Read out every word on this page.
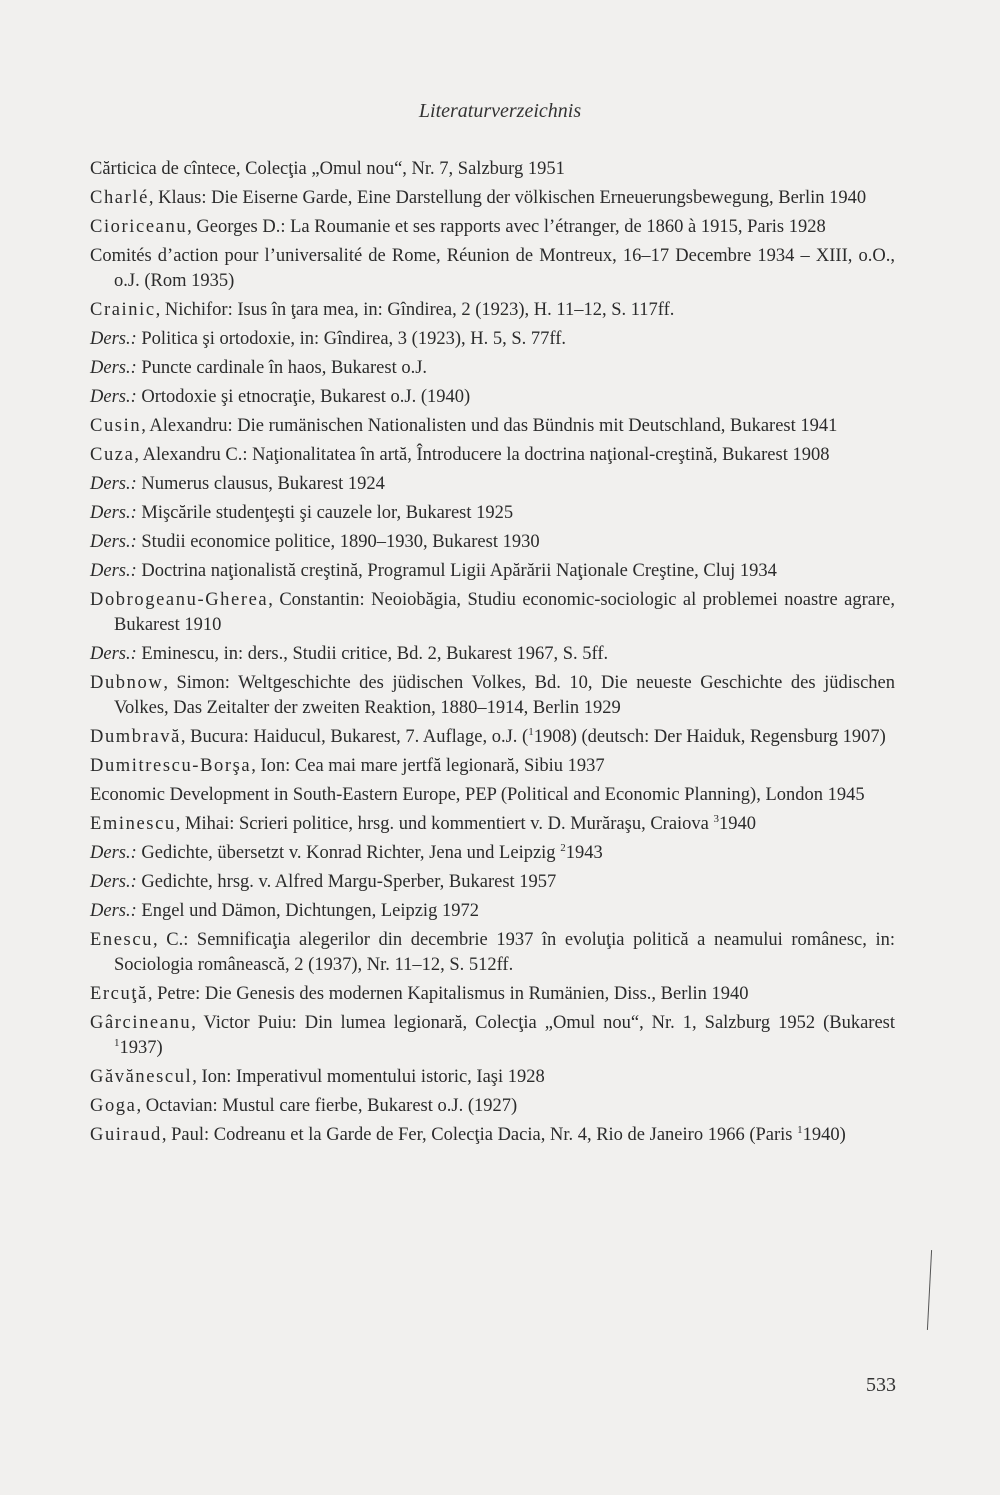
Literaturverzeichnis
Cărticica de cîntece, Colecţia „Omul nou“, Nr. 7, Salzburg 1951
Charlé, Klaus: Die Eiserne Garde, Eine Darstellung der völkischen Erneuerungsbewegung, Berlin 1940
Cioriceanu, Georges D.: La Roumanie et ses rapports avec l’étranger, de 1860 à 1915, Paris 1928
Comités d’action pour l’universalité de Rome, Réunion de Montreux, 16–17 Decembre 1934 – XIII, o.O., o.J. (Rom 1935)
Crainic, Nichifor: Isus în ţara mea, in: Gîndirea, 2 (1923), H. 11–12, S. 117ff.
Ders.: Politica şi ortodoxie, in: Gîndirea, 3 (1923), H. 5, S. 77ff.
Ders.: Puncte cardinale în haos, Bukarest o.J.
Ders.: Ortodoxie şi etnocraţie, Bukarest o.J. (1940)
Cusin, Alexandru: Die rumänischen Nationalisten und das Bündnis mit Deutschland, Bukarest 1941
Cuza, Alexandru C.: Naţionalitatea în artă, Întroducere la doctrina naţional-creştină, Bukarest 1908
Ders.: Numerus clausus, Bukarest 1924
Ders.: Mişcările studenţeşti şi cauzele lor, Bukarest 1925
Ders.: Studii economice politice, 1890–1930, Bukarest 1930
Ders.: Doctrina naţionalistă creştină, Programul Ligii Apărării Naţionale Creştine, Cluj 1934
Dobrogeanu-Gherea, Constantin: Neoiobăgia, Studiu economic-sociologic al problemei noastre agrare, Bukarest 1910
Ders.: Eminescu, in: ders., Studii critice, Bd. 2, Bukarest 1967, S. 5ff.
Dubnow, Simon: Weltgeschichte des jüdischen Volkes, Bd. 10, Die neueste Geschichte des jüdischen Volkes, Das Zeitalter der zweiten Reaktion, 1880–1914, Berlin 1929
Dumbravă, Bucura: Haiducul, Bukarest, 7. Auflage, o.J. ($^1$1908) (deutsch: Der Haiduk, Regensburg 1907)
Dumitrescu-Borşa, Ion: Cea mai mare jertfă legionară, Sibiu 1937
Economic Development in South-Eastern Europe, PEP (Political and Economic Planning), London 1945
Eminescu, Mihai: Scrieri politice, hrsg. und kommentiert v. D. Murăraşu, Craiova $^3$1940
Ders.: Gedichte, übersetzt v. Konrad Richter, Jena und Leipzig $^2$1943
Ders.: Gedichte, hrsg. v. Alfred Margu-Sperber, Bukarest 1957
Ders.: Engel und Dämon, Dichtungen, Leipzig 1972
Enescu, C.: Semnificaţia alegerilor din decembrie 1937 în evoluţia politică a neamului românesc, in: Sociologia românească, 2 (1937), Nr. 11–12, S. 512ff.
Ercuţă, Petre: Die Genesis des modernen Kapitalismus in Rumänien, Diss., Berlin 1940
Gârcineanu, Victor Puiu: Din lumea legionară, Colecţia „Omul nou“, Nr. 1, Salzburg 1952 (Bukarest $^1$1937)
Găvănescul, Ion: Imperativul momentului istoric, Iaşi 1928
Goga, Octavian: Mustul care fierbe, Bukarest o.J. (1927)
Guiraud, Paul: Codreanu et la Garde de Fer, Colecţia Dacia, Nr. 4, Rio de Janeiro 1966 (Paris $^1$1940)
533
